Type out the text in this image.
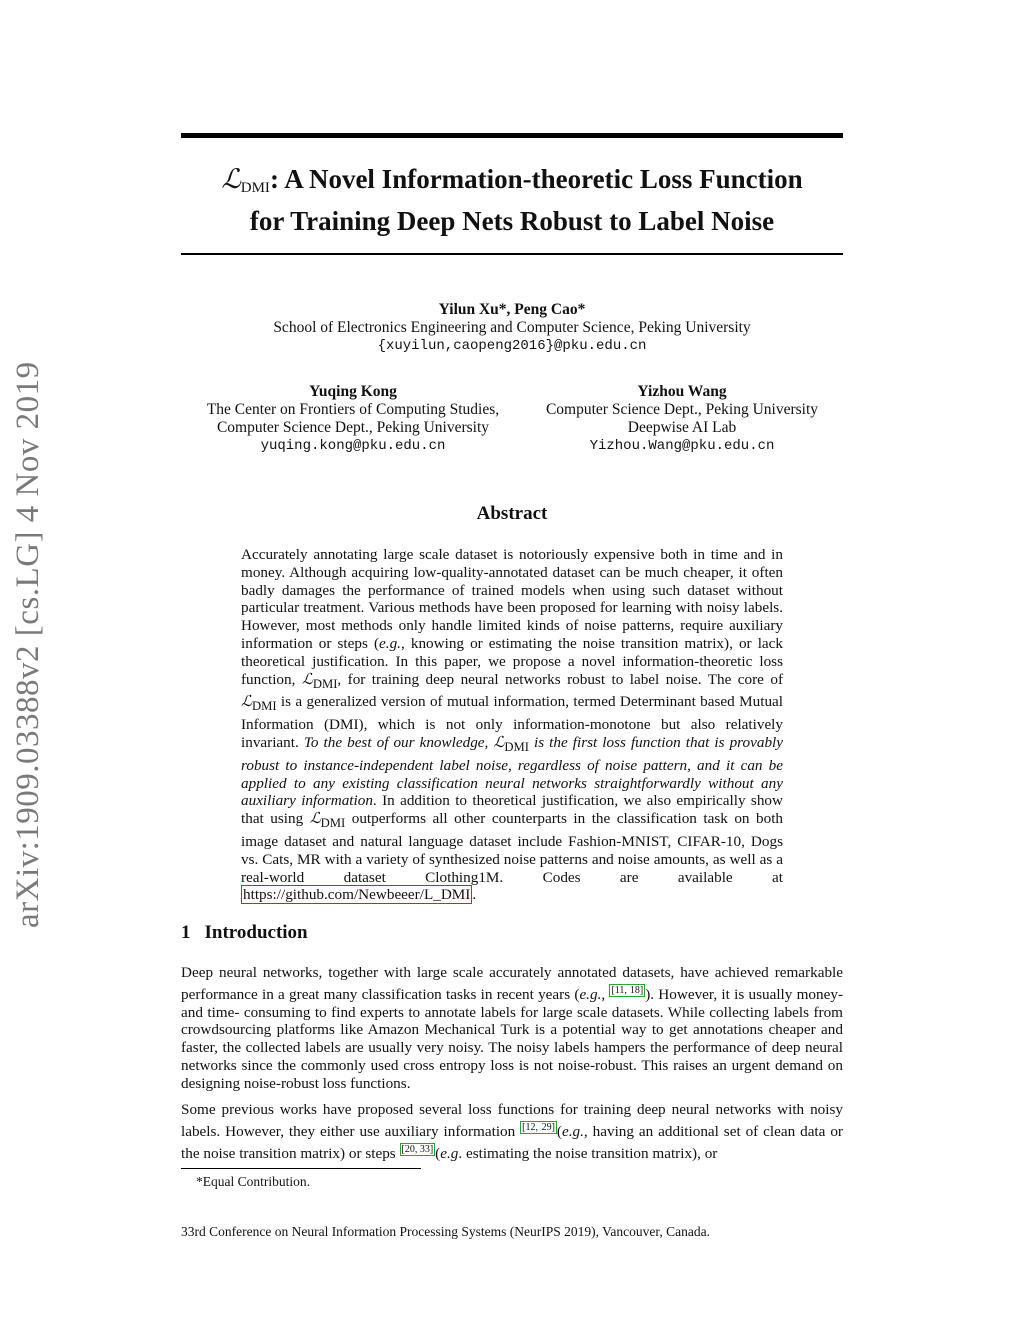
arXiv:1909.03388v2 [cs.LG] 4 Nov 2019
ℒ$_{DMI}$: A Novel Information-theoretic Loss Function
for Training Deep Nets Robust to Label Noise
Yilun Xu*, Peng Cao*
School of Electronics Engineering and Computer Science, Peking University
{xuyilun,caopeng2016}@pku.edu.cn
Yuqing Kong
The Center on Frontiers of Computing Studies,
Computer Science Dept., Peking University
yuqing.kong@pku.edu.cn
Yizhou Wang
Computer Science Dept., Peking University
Deepwise AI Lab
Yizhou.Wang@pku.edu.cn
Abstract
Accurately annotating large scale dataset is notoriously expensive both in time and in money. Although acquiring low-quality-annotated dataset can be much cheaper, it often badly damages the performance of trained models when using such dataset without particular treatment. Various methods have been proposed for learning with noisy labels. However, most methods only handle limited kinds of noise patterns, require auxiliary information or steps (e.g., knowing or estimating the noise transition matrix), or lack theoretical justification. In this paper, we propose a novel information-theoretic loss function, ℒ$_{DMI}$, for training deep neural networks robust to label noise. The core of ℒ$_{DMI}$ is a generalized version of mutual information, termed Determinant based Mutual Information (DMI), which is not only information-monotone but also relatively invariant. To the best of our knowledge, ℒ$_{DMI}$ is the first loss function that is provably robust to instance-independent label noise, regardless of noise pattern, and it can be applied to any existing classification neural networks straightforwardly without any auxiliary information. In addition to theoretical justification, we also empirically show that using ℒ$_{DMI}$ outperforms all other counterparts in the classification task on both image dataset and natural language dataset include Fashion-MNIST, CIFAR-10, Dogs vs. Cats, MR with a variety of synthesized noise patterns and noise amounts, as well as a real-world dataset Clothing1M. Codes are available at https://github.com/Newbeeer/L_DMI .
1 Introduction
Deep neural networks, together with large scale accurately annotated datasets, have achieved remarkable performance in a great many classification tasks in recent years (e.g., [11, 18] ). However, it is usually money- and time- consuming to find experts to annotate labels for large scale datasets. While collecting labels from crowdsourcing platforms like Amazon Mechanical Turk is a potential way to get annotations cheaper and faster, the collected labels are usually very noisy. The noisy labels hampers the performance of deep neural networks since the commonly used cross entropy loss is not noise-robust. This raises an urgent demand on designing noise-robust loss functions.
Some previous works have proposed several loss functions for training deep neural networks with noisy labels. However, they either use auxiliary information [12, 29] (e.g., having an additional set of clean data or the noise transition matrix) or steps [20, 33] (e.g. estimating the noise transition matrix), or
*Equal Contribution.
33rd Conference on Neural Information Processing Systems (NeurIPS 2019), Vancouver, Canada.
